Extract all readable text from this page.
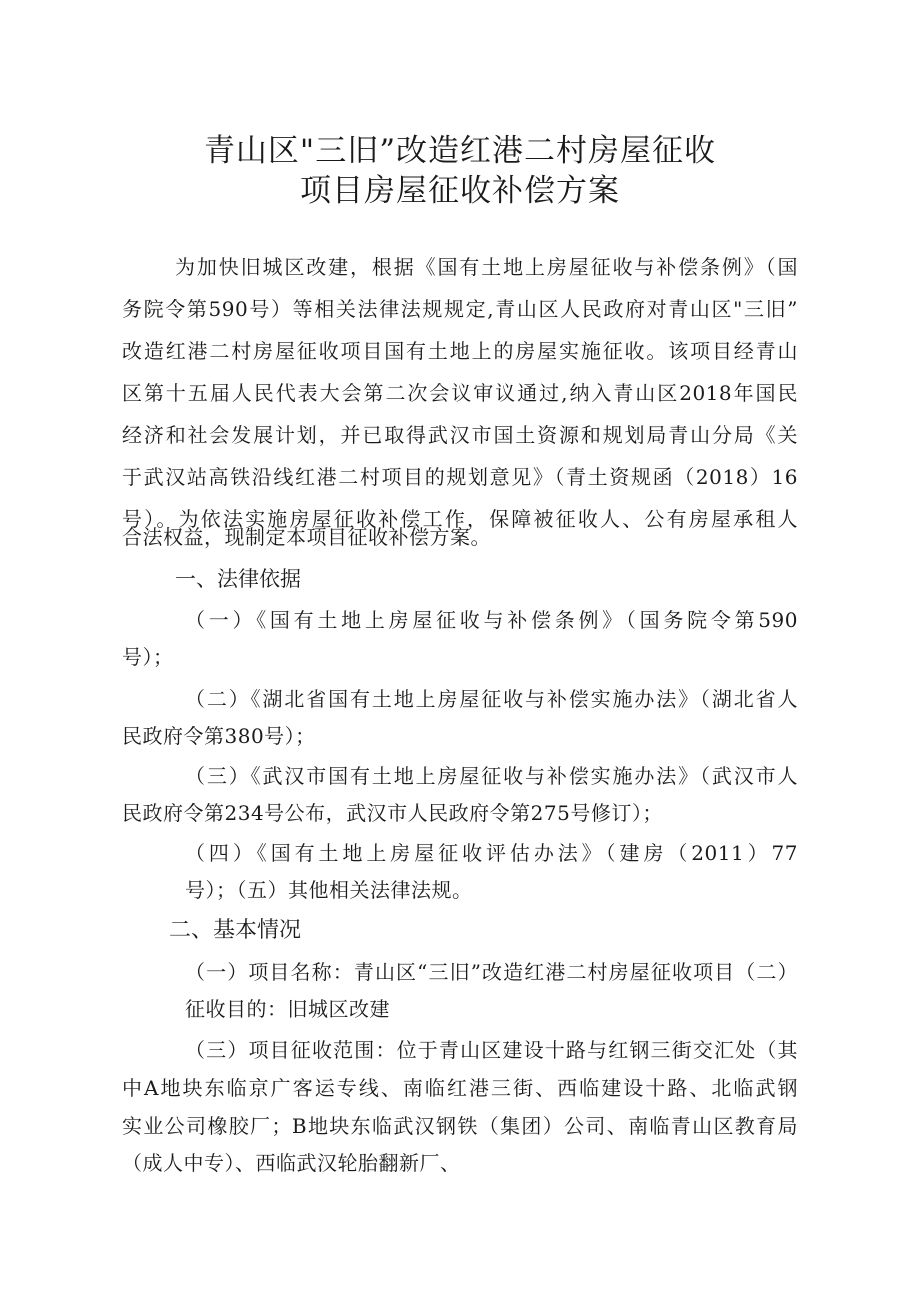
青山区"三旧”改造红港二村房屋征收
项目房屋征收补偿方案
为加快旧城区改建，根据《国有土地上房屋征收与补偿条例》（国
务院令第590号）等相关法律法规规定,青山区人民政府对青山区"三旧”
改造红港二村房屋征收项目国有土地上的房屋实施征收。该项目经青山
区第十五届人民代表大会第二次会议审议通过,纳入青山区2018年国民
经济和社会发展计划，并已取得武汉市国土资源和规划局青山分局《关
于武汉站高铁沿线红港二村项目的规划意见》（青土资规函（2018）16
号）。为依法实施房屋征收补偿工作，保障被征收人、公有房屋承租人
合法权益，现制定本项目征收补偿方案。
一、法律依据
（一）《国有土地上房屋征收与补偿条例》（国务院令第590
号）；
（二）《湖北省国有土地上房屋征收与补偿实施办法》（湖北省人
民政府令第380号）；
（三）《武汉市国有土地上房屋征收与补偿实施办法》（武汉市人
民政府令第234号公布，武汉市人民政府令第275号修订）；
（四）《国有土地上房屋征收评估办法》（建房（2011）77
号）；（五）其他相关法律法规。
二、基本情况
（一）项目名称：青山区“三旧”改造红港二村房屋征收项目（二）
征收目的：旧城区改建
（三）项目征收范围：位于青山区建设十路与红钢三街交汇处（其
中A地块东临京广客运专线、南临红港三街、西临建设十路、北临武钢
实业公司橡胶厂；B地块东临武汉钢铁（集团）公司、南临青山区教育局
（成人中专）、西临武汉轮胎翻新厂、
